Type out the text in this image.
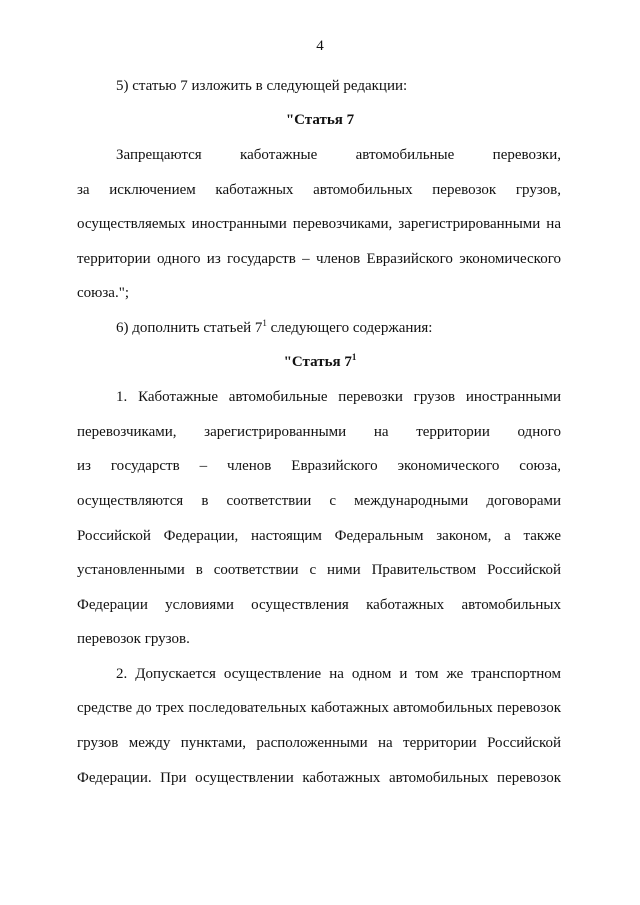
4
5) статью 7 изложить в следующей редакции:
"Статья 7
Запрещаются каботажные автомобильные перевозки,
за исключением каботажных автомобильных перевозок грузов,
осуществляемых иностранными перевозчиками, зарегистрированными на
территории одного из государств – членов Евразийского экономического
союза.";
6) дополнить статьей $7^1$ следующего содержания:
"Статья $7^1$
1. Каботажные автомобильные перевозки грузов иностранными
перевозчиками, зарегистрированными на территории одного
из государств – членов Евразийского экономического союза,
осуществляются в соответствии с международными договорами
Российской Федерации, настоящим Федеральным законом, а также
установленными в соответствии с ними Правительством Российской
Федерации условиями осуществления каботажных автомобильных
перевозок грузов.
2. Допускается осуществление на одном и том же транспортном
средстве до трех последовательных каботажных автомобильных перевозок
грузов между пунктами, расположенными на территории Российской
Федерации. При осуществлении каботажных автомобильных перевозок
